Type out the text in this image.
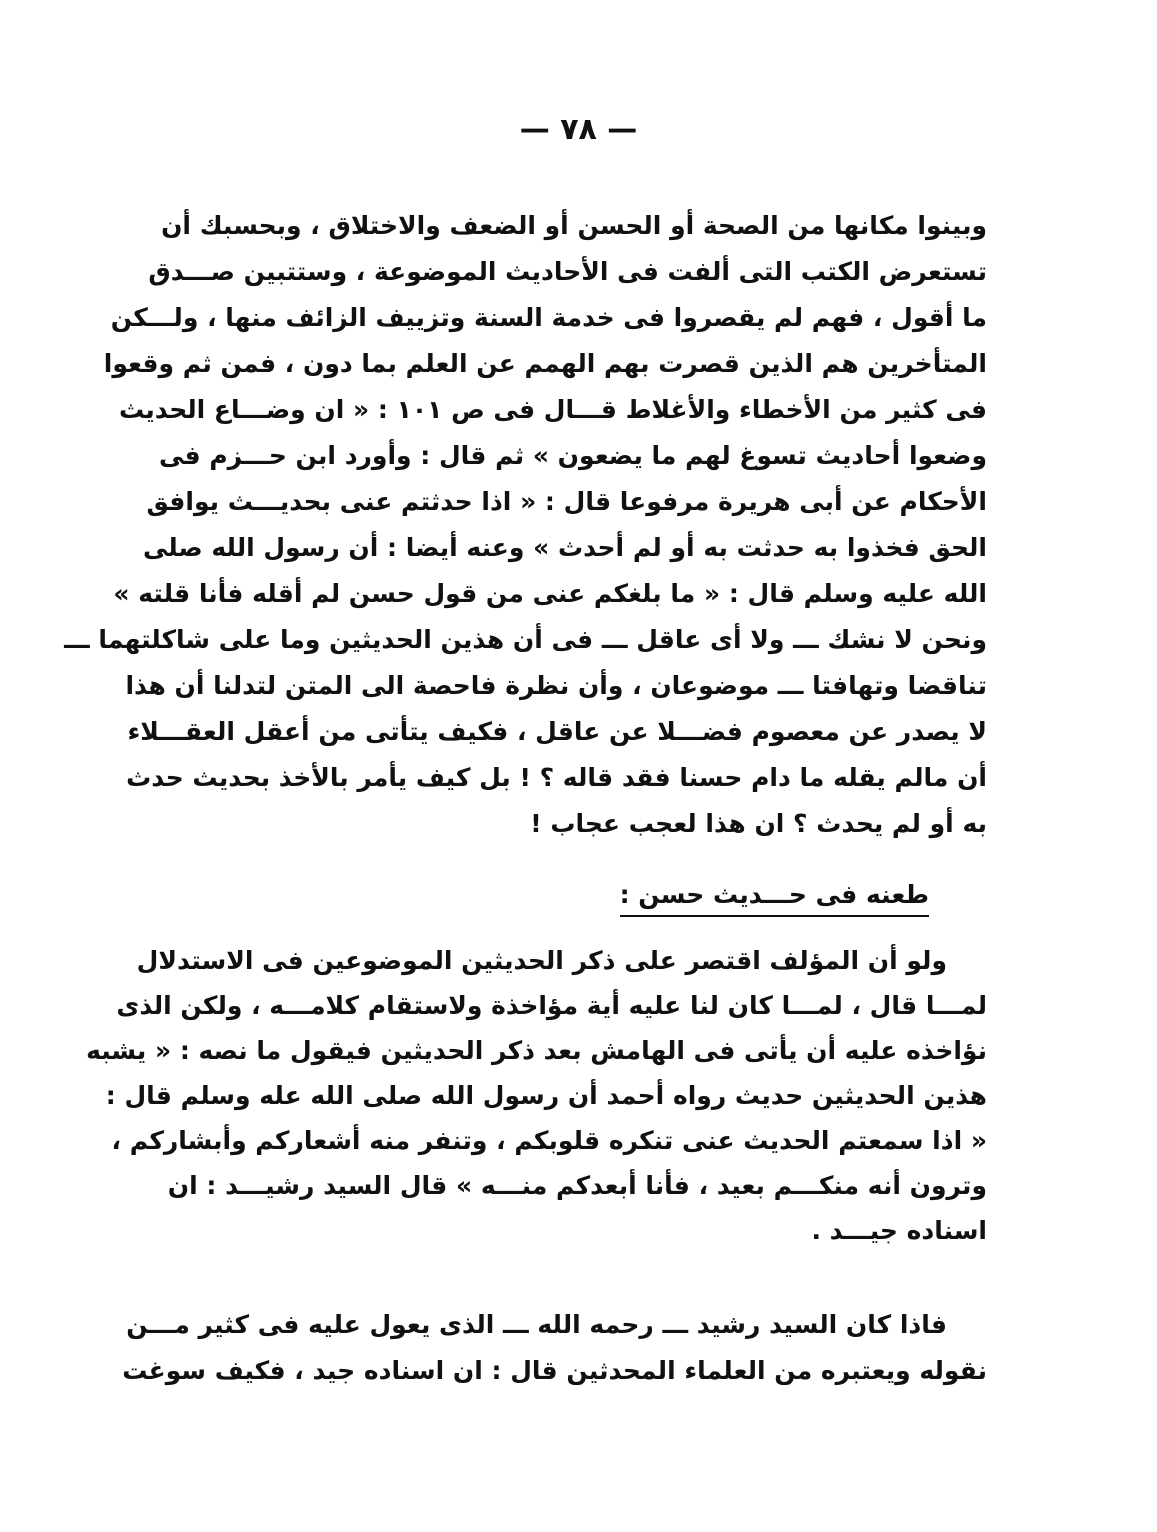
— ٧٨ —
وبينوا مكانها من الصحة أو الحسن أو الضعف والاختلاق ، وبحسبك أن
تستعرض الكتب التى ألفت فى الأحاديث الموضوعة ، وستتبين صـــدق
ما أقول ، فهم لم يقصروا فى خدمة السنة وتزييف الزائف منها ، ولـــكن
المتأخرين هم الذين قصرت بهم الهمم عن العلم بما دون ، فمن ثم وقعوا
فى كثير من الأخطاء والأغلاط قـــال فى ص ١٠١ : « ان وضـــاع الحديث
وضعوا أحاديث تسوغ لهم ما يضعون » ثم قال : وأورد ابن حـــزم فى
الأحكام عن أبى هريرة مرفوعا قال : « اذا حدثتم عنى بحديـــث يوافق
الحق فخذوا به حدثت به أو لم أحدث » وعنه أيضا : أن رسول الله صلى
الله عليه وسلم قال : « ما بلغكم عنى من قول حسن لم أقله فأنا قلته »
ونحن لا نشك ـــ ولا أى عاقل ـــ فى أن هذين الحديثين وما على شاكلتهما ـــ
تناقضا وتهافتا ـــ موضوعان ، وأن نظرة فاحصة الى المتن لتدلنا أن هذا
لا يصدر عن معصوم فضـــلا عن عاقل ، فكيف يتأتى من أعقل العقـــلاء
أن مالم يقله ما دام حسنا فقد قاله ؟ ! بل كيف يأمر بالأخذ بحديث حدث
به أو لم يحدث ؟ ان هذا لعجب عجاب !
طعنه فى حـــديث حسن :
ولو أن المؤلف اقتصر على ذكر الحديثين الموضوعين فى الاستدلال
لمـــا قال ، لمـــا كان لنا عليه أية مؤاخذة ولاستقام كلامـــه ، ولكن الذى
نؤاخذه عليه أن يأتى فى الهامش بعد ذكر الحديثين فيقول ما نصه : « يشبه
هذين الحديثين حديث رواه أحمد أن رسول الله صلى الله عله وسلم قال :
« اذا سمعتم الحديث عنى تنكره قلوبكم ، وتنفر منه أشعاركم وأبشاركم ،
وترون أنه منكـــم بعيد ، فأنا أبعدكم منـــه » قال السيد رشيـــد : ان
اسناده جيـــد .
فاذا كان السيد رشيد ـــ رحمه الله ـــ الذى يعول عليه فى كثير مـــن
نقوله ويعتبره من العلماء المحدثين قال : ان اسناده جيد ، فكيف سوغت
